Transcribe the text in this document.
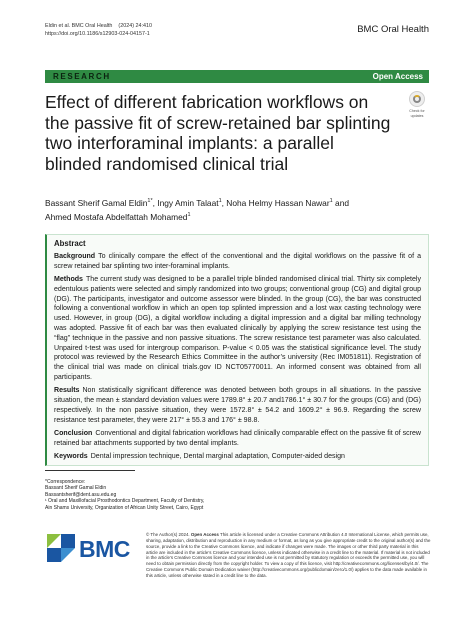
Eldin et al. BMC Oral Health (2024) 24:410
https://doi.org/10.1186/s12903-024-04157-1	BMC Oral Health
RESEARCH	Open Access
Effect of different fabrication workflows on the passive fit of screw-retained bar splinting two interforaminal implants: a parallel blinded randomised clinical trial
Check for updates
Bassant Sherif Gamal Eldin$^{1*}$, Ingy Amin Talaat$^1$, Noha Helmy Hassan Nawar$^1$ and
Ahmed Mostafa Abdelfattah Mohamed$^1$
Abstract

Background To clinically compare the effect of the conventional and the digital workflows on the passive fit of a screw retained bar splinting two inter-foraminal implants.

Methods The current study was designed to be a parallel triple blinded randomised clinical trial. Thirty six completely edentulous patients were selected and simply randomized into two groups; conventional group (CG) and digital group (DG). The participants, investigator and outcome assessor were blinded. In the group (CG), the bar was constructed following a conventional workflow in which an open top splinted impression and a lost wax casting technology were used. However, in group (DG), a digital workflow including a digital impression and a digital bar milling technology was adopted. Passive fit of each bar was then evaluated clinically by applying the screw resistance test using the “flag” technique in the passive and non passive situations. The screw resistance test parameter was also calculated. Unpaired t-test was used for intergroup comparison. P-value < 0.05 was the statistical significance level. The study protocol was reviewed by the Research Ethics Committee in the author’s university (Rec IM051811). Registration of the clinical trial was made on clinical trials.gov ID NCT05770011. An informed consent was obtained from all participants.

Results Non statistically significant difference was denoted between both groups in all situations. In the passive situation, the mean ± standard deviation values were 1789.8° ± 20.7 and1786.1° ± 30.7 for the groups (CG) and (DG) respectively. In the non passive situation, they were 1572.8° ± 54.2 and 1609.2° ± 96.9. Regarding the screw resistance test parameter, they were 217° ± 55.3 and 176° ± 98.8.

Conclusion Conventional and digital fabrication workflows had clinically comparable effect on the passive fit of screw retained bar attachments supported by two dental implants.

Keywords Dental impression technique, Dental marginal adaptation, Computer-aided design

*Correspondence:
Bassant Sherif Gamal Eldin
Bassantsherif@dent.asu.edu.eg
¹ Oral and Maxillofacial Prosthodontics Department, Faculty of Dentistry,
Ain Shams University, Organization of African Unity Street, Cairo, Egypt
BMC
© The Author(s) 2024. Open Access This article is licensed under a Creative Commons Attribution 4.0 International License, which permits use, sharing, adaptation, distribution and reproduction in any medium or format, as long as you give appropriate credit to the original author(s) and the source, provide a link to the Creative Commons licence, and indicate if changes were made. The images or other third party material in this article are included in the article’s Creative Commons licence, unless indicated otherwise in a credit line to the material. If material is not included in the article’s Creative Commons licence and your intended use is not permitted by statutory regulation or exceeds the permitted use, you will need to obtain permission directly from the copyright holder. To view a copy of this licence, visit http://creativecommons.org/licenses/by/4.0/. The Creative Commons Public Domain Dedication waiver (http://creativecommons.org/publicdomain/zero/1.0/) applies to the data made available in this article, unless otherwise stated in a credit line to the data.
